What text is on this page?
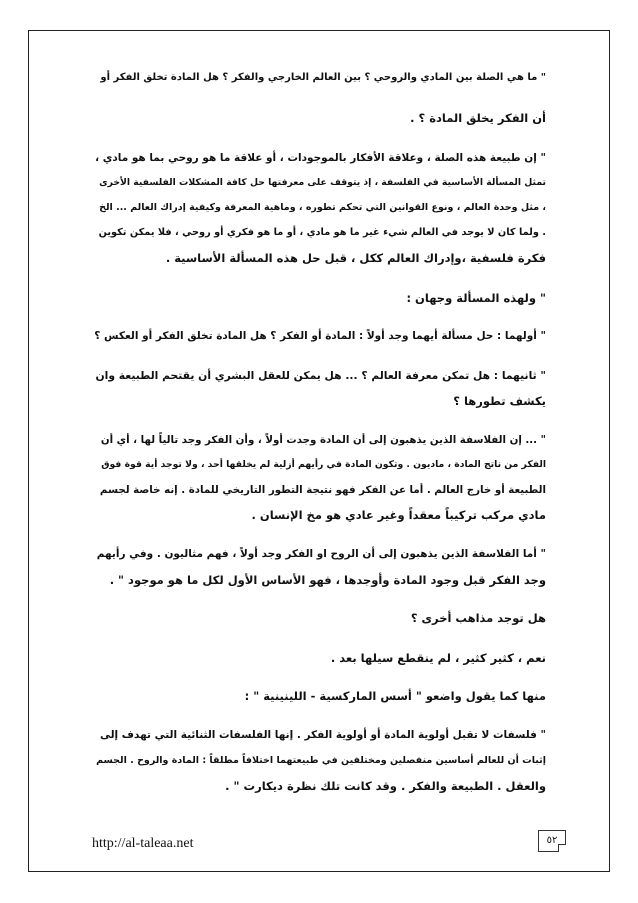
" ما هي الصلة بين المادي والروحي ؟ بين العالم الخارجي والفكر ؟ هل المادة تخلق الفكر أو
أن الفكر يخلق المادة ؟ .
" إن طبيعة هذه الصلة ، وعلاقة الأفكار بالموجودات ، أو علاقة ما هو روحي بما هو مادي ،
تمثل المسألة الأساسية في الفلسفة ، إذ يتوقف على معرفتها حل كافة المشكلات الفلسفية الأخرى
، مثل وحدة العالم ، ونوع القوانين التي تحكم تطوره ، وماهية المعرفة وكيفية إدراك العالم ... الخ
. ولما كان لا يوجد في العالم شيء غير ما هو مادي ، أو ما هو فكري أو روحي ، فلا يمكن تكوين
فكرة فلسفية ،وإدراك العالم ككل ، قبل حل هذه المسألة الأساسية .
" ولهذه المسألة وجهان :
" أولهما : حل مسألة أيهما وجد أولاً : المادة أو الفكر ؟ هل المادة تخلق الفكر أو العكس ؟
" ثانيهما : هل تمكن معرفة العالم ؟ ... هل يمكن للعقل البشري أن يقتحم الطبيعة وان
يكشف تطورها ؟
" ... إن الفلاسفة الذين يذهبون إلى أن المادة وجدت أولاً ، وأن الفكر وجد تالياً لها ، أي أن
الفكر من ناتج المادة ، ماديون . وتكون المادة في رأيهم أزلية لم يخلقها أحد ، ولا توجد أية قوة فوق
الطبيعة أو خارج العالم . أما عن الفكر فهو نتيجة التطور التاريخي للمادة . إنه خاصة لجسم
مادي مركب تركيباً معقداً وغير عادي هو مخ الإنسان .
" أما الفلاسفة الذين يذهبون إلى أن الروح او الفكر وجد أولاً ، فهم مثاليون . وفي رأيهم
وجد الفكر قبل وجود المادة وأوجدها ، فهو الأساس الأول لكل ما هو موجود " .
هل توجد مذاهب أخرى ؟
نعم ، كثير كثير ، لم ينقطع سيلها بعد .
منها كما يقول واضعو " أسس الماركسية - اللينينية " :
" فلسفات لا تقبل أولوية المادة أو أولوية الفكر . إنها الفلسفات الثنائية التي تهدف إلى
إثبات أن للعالم أساسين منفصلين ومختلفين في طبيعتهما اختلافاً مطلقاً : المادة والروح . الجسم
والعقل . الطبيعة والفكر . وقد كانت تلك نظرة ديكارت " .
http://al-taleaa.net	٥٢
